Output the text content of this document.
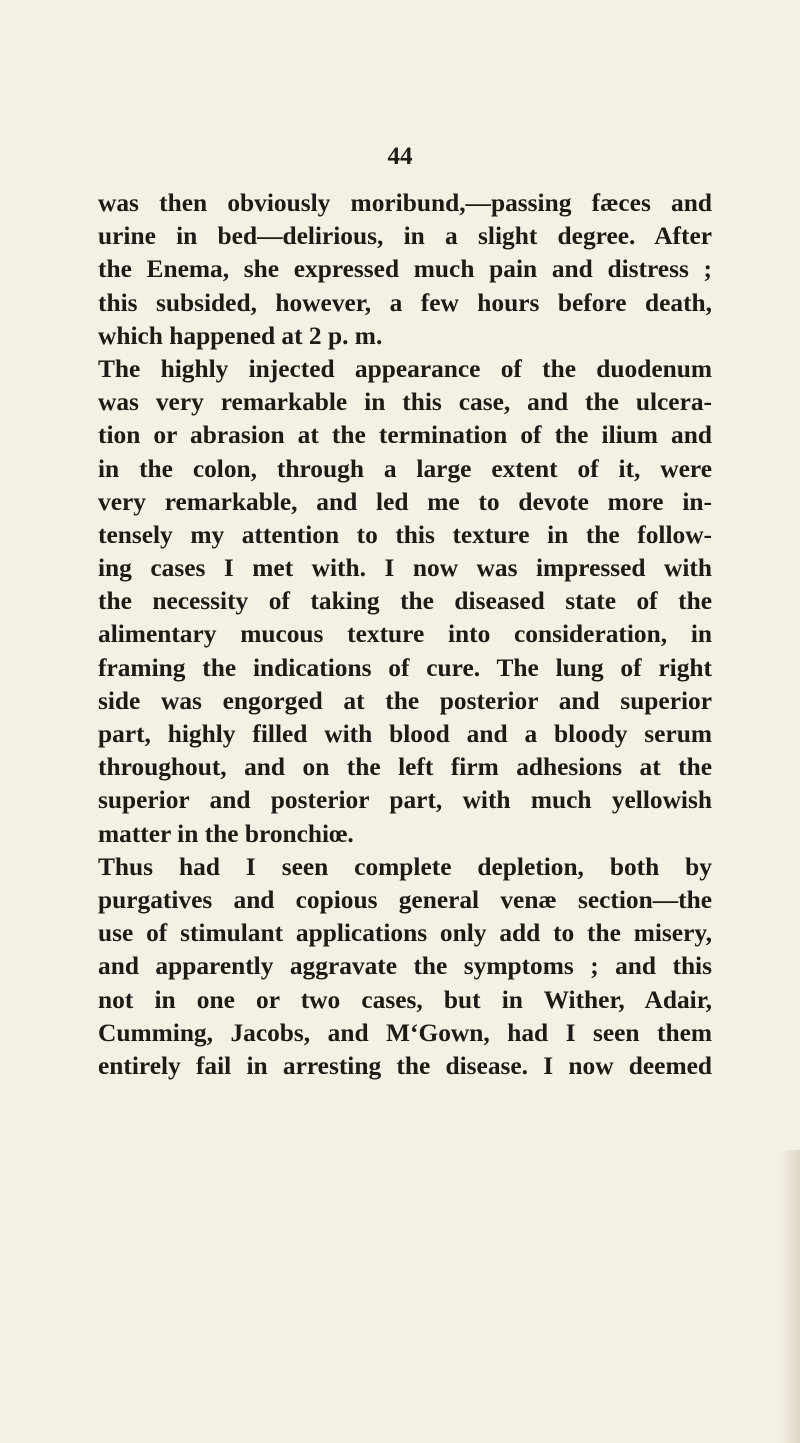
44
was then obviously moribund,—passing fæces and
urine in bed—delirious, in a slight degree. After
the Enema, she expressed much pain and distress ;
this subsided, however, a few hours before death,
which happened at 2 p. m.
The highly injected appearance of the duodenum
was very remarkable in this case, and the ulcera-
tion or abrasion at the termination of the ilium and
in the colon, through a large extent of it, were
very remarkable, and led me to devote more in-
tensely my attention to this texture in the follow-
ing cases I met with. I now was impressed with
the necessity of taking the diseased state of the
alimentary mucous texture into consideration, in
framing the indications of cure. The lung of right
side was engorged at the posterior and superior
part, highly filled with blood and a bloody serum
throughout, and on the left firm adhesions at the
superior and posterior part, with much yellowish
matter in the bronchiœ.
Thus had I seen complete depletion, both by
purgatives and copious general venæ section—the
use of stimulant applications only add to the misery,
and apparently aggravate the symptoms ; and this
not in one or two cases, but in Wither, Adair,
Cumming, Jacobs, and M‘Gown, had I seen them
entirely fail in arresting the disease. I now deemed
